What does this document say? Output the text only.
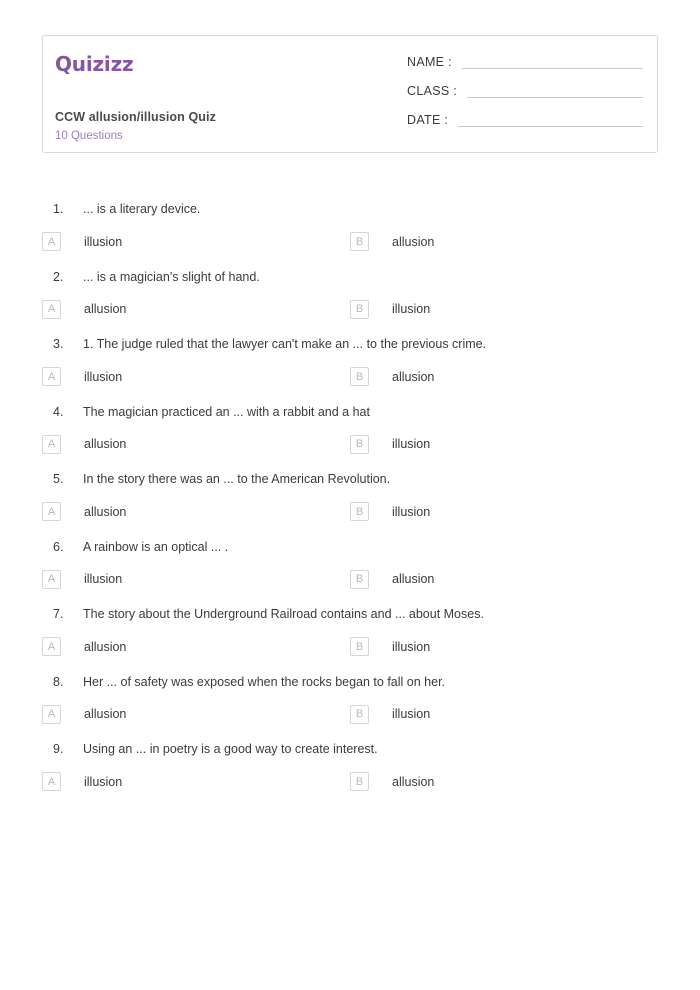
Quizizz
CCW allusion/illusion Quiz
10 Questions
NAME :
CLASS :
DATE :
1.	... is a literary device.
A	illusion	B	allusion
2.	... is a magician's slight of hand.
A	allusion	B	illusion
3.	1. The judge ruled that the lawyer can't make an ... to the previous crime.
A	illusion	B	allusion
4.	The magician practiced an ... with a rabbit and a hat
A	allusion	B	illusion
5.	In the story there was an ... to the American Revolution.
A	allusion	B	illusion
6.	A rainbow is an optical ... .
A	illusion	B	allusion
7.	The story about the Underground Railroad contains and ... about Moses.
A	allusion	B	illusion
8.	Her ... of safety was exposed when the rocks began to fall on her.
A	allusion	B	illusion
9.	Using an ... in poetry is a good way to create interest.
A	illusion	B	allusion
